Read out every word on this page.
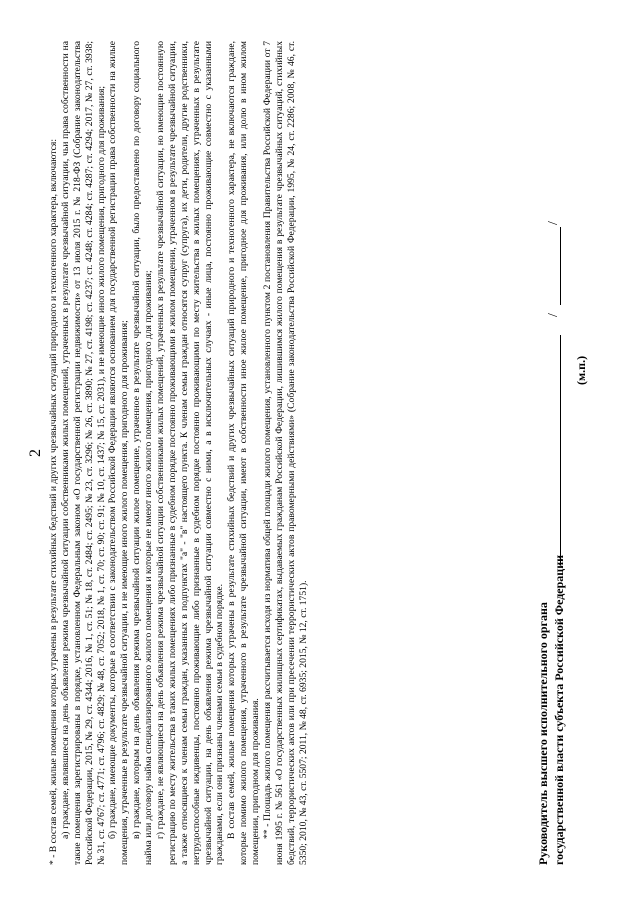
2 * - В состав семей, жилые помещения которых утрачены в результате стихийных бедствий и других чрезвычайных ситуаций природного и техногенного характера, включаются: а) граждане, являвшиеся на день объявления режима чрезвычайной ситуации собственниками жилых помещений, утраченных в результате чрезвычайной ситуации, чьи права собственности на такие помещения зарегистрированы в порядке, установленном Федеральным законом «О государственной регистрации недвижимости» от 13 июля 2015 г. № 218-ФЗ (Собрание законодательства Российской Федерации, 2015, № 29, ст. 4344; 2016, № 1, ст. 51; № 18, ст. 2484; ст. 2495; № 23, ст. 3296; № 26, ст. 3890; № 27, ст. 4198; ст. 4237; ст. 4248; ст. 4284; ст. 4287; ст. 4294; 2017, № 27, ст. 3938; № 31, ст. 4767; ст. 4771; ст. 4796; ст. 4829; № 48, ст. 7052; 2018, № 1, ст. 70; ст. 90; ст. 91; № 10, ст. 1437; № 15, ст. 2031), и не имеющие иного жилого помещения, пригодного для проживания; б) граждане, имеющие документы, которые в соответствии с законодательством Российской Федерации являются основанием для государственной регистрации права собственности на жилые помещения, утраченные в результате чрезвычайной ситуации, и не имеющие иного жилого помещения, пригодного для проживания; в) граждане, которым на день объявления режима чрезвычайной ситуации жилое помещение, утраченное в результате чрезвычайной ситуации, было предоставлено по договору социального найма или договору найма специализированного жилого помещения и которые не имеют иного жилого помещения, пригодного для проживания; г) граждане, не являющиеся на день объявления режима чрезвычайной ситуации собственниками жилых помещений, утраченных в результате чрезвычайной ситуации, но имеющие постоянную регистрацию по месту жительства в таких жилых помещениях либо признанные в судебном порядке постоянно проживающими в жилом помещении, утраченном в результате чрезвычайной ситуации, а также относящиеся к членам семьи граждан, указанных в подпунктах "а" - "в" настоящего пункта. К членам семьи граждан относятся супруг (супруга), их дети, родители, другие родственники, нетрудоспособные иждивенцы, постоянно проживающие либо признанные в судебном порядке постоянно проживающими по месту жительства в жилых помещениях, утраченных в результате чрезвычайной ситуации, на день объявления режима чрезвычайной ситуации совместно с ними, а в исключительных случаях - иные лица, постоянно проживающие совместно с указанными гражданами, если они признаны членами семьи в судебном порядке. В состав семей, жилые помещения которых утрачены в результате стихийных бедствий и других чрезвычайных ситуаций природного и техногенного характера, не включаются граждане, которые помимо жилого помещения, утраченного в результате чрезвычайной ситуации, имеют в собственности иное жилое помещение, пригодное для проживания, или долю в ином жилом помещении, пригодном для проживания. ** - Площадь жилого помещения рассчитывается исходя из норматива общей площади жилого помещения, установленного пунктом 2 постановления Правительства Российской Федерации от 7 июня 1995 г. № 561 «О государственных жилищных сертификатах, выдаваемых гражданам Российской Федерации, лишившимся жилого помещения в результате чрезвычайных ситуаций, стихийных бедствий, террористических актов или при пресечении террористических актов правомерными действиями» (Собрание законодательства Российской Федерации, 1995, № 24, ст. 2286; 2008, № 46, ст. 5350; 2010, № 43, ст. 5507; 2011, № 48, ст. 6935; 2015, № 12, ст. 1751).	Руководитель высшего исполнительного органа государственной власти субъекта Российской Федерации
/
/
(м.п.)
